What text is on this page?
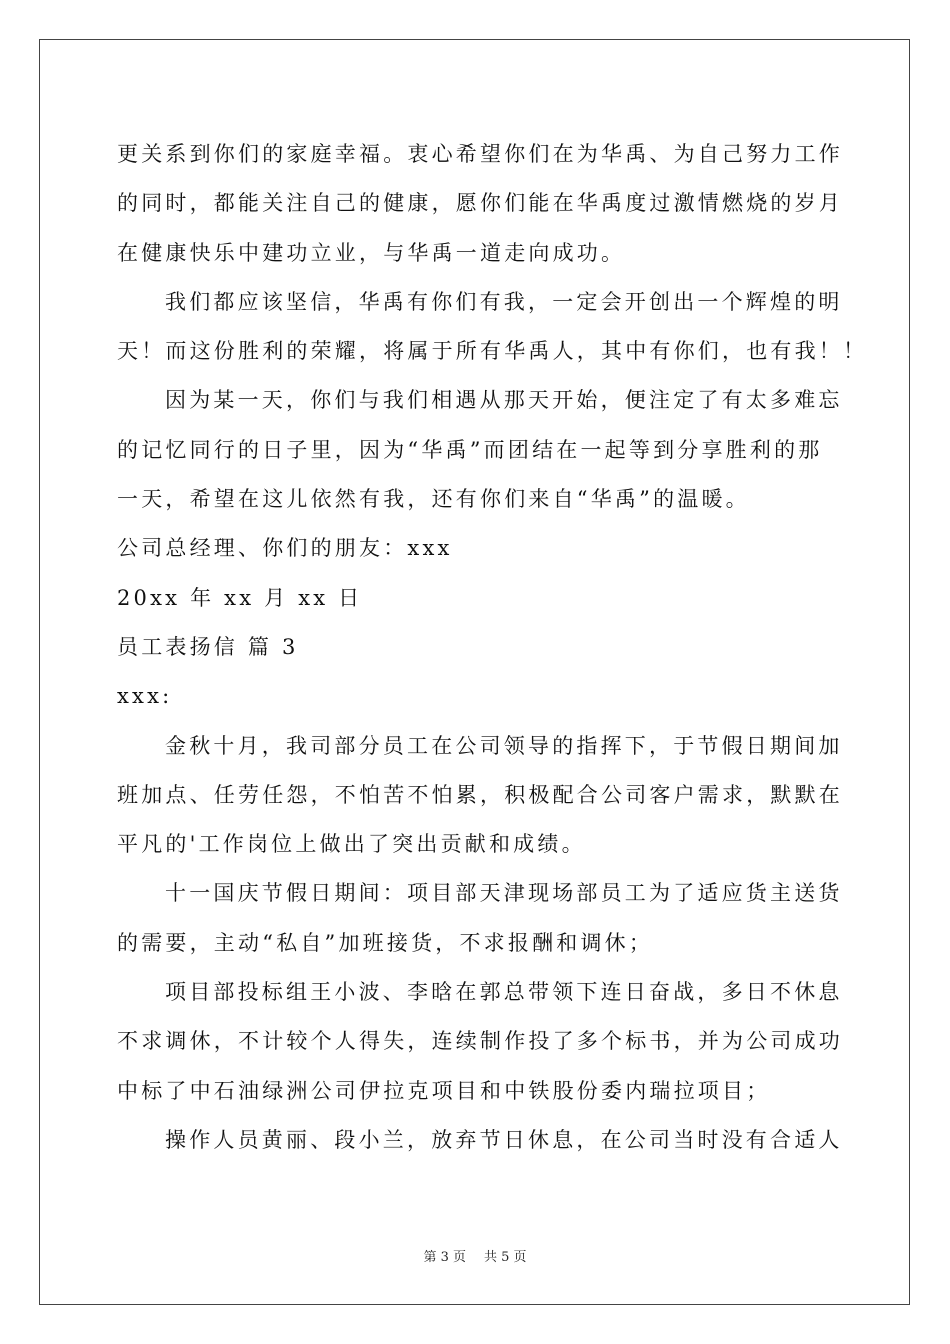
更关系到你们的家庭幸福。衷心希望你们在为华禹、为自己努力工作
的同时，都能关注自己的健康，愿你们能在华禹度过激情燃烧的岁月
在健康快乐中建功立业，与华禹一道走向成功。
我们都应该坚信，华禹有你们有我，一定会开创出一个辉煌的明
天！而这份胜利的荣耀，将属于所有华禹人，其中有你们，也有我！！
因为某一天，你们与我们相遇从那天开始，便注定了有太多难忘
的记忆同行的日子里，因为“华禹”而团结在一起等到分享胜利的那
一天，希望在这儿依然有我，还有你们来自“华禹”的温暖。
公司总经理、你们的朋友：xxx
20xx 年 xx 月 xx 日
员工表扬信 篇 3
xxx:
金秋十月，我司部分员工在公司领导的指挥下，于节假日期间加
班加点、任劳任怨，不怕苦不怕累，积极配合公司客户需求，默默在
平凡的'工作岗位上做出了突出贡献和成绩。
十一国庆节假日期间：项目部天津现场部员工为了适应货主送货
的需要，主动“私自”加班接货，不求报酬和调休；
项目部投标组王小波、李晗在郭总带领下连日奋战，多日不休息
不求调休，不计较个人得失，连续制作投了多个标书，并为公司成功
中标了中石油绿洲公司伊拉克项目和中铁股份委内瑞拉项目；
操作人员黄丽、段小兰，放弃节日休息，在公司当时没有合适人
第 3 页 共 5 页
